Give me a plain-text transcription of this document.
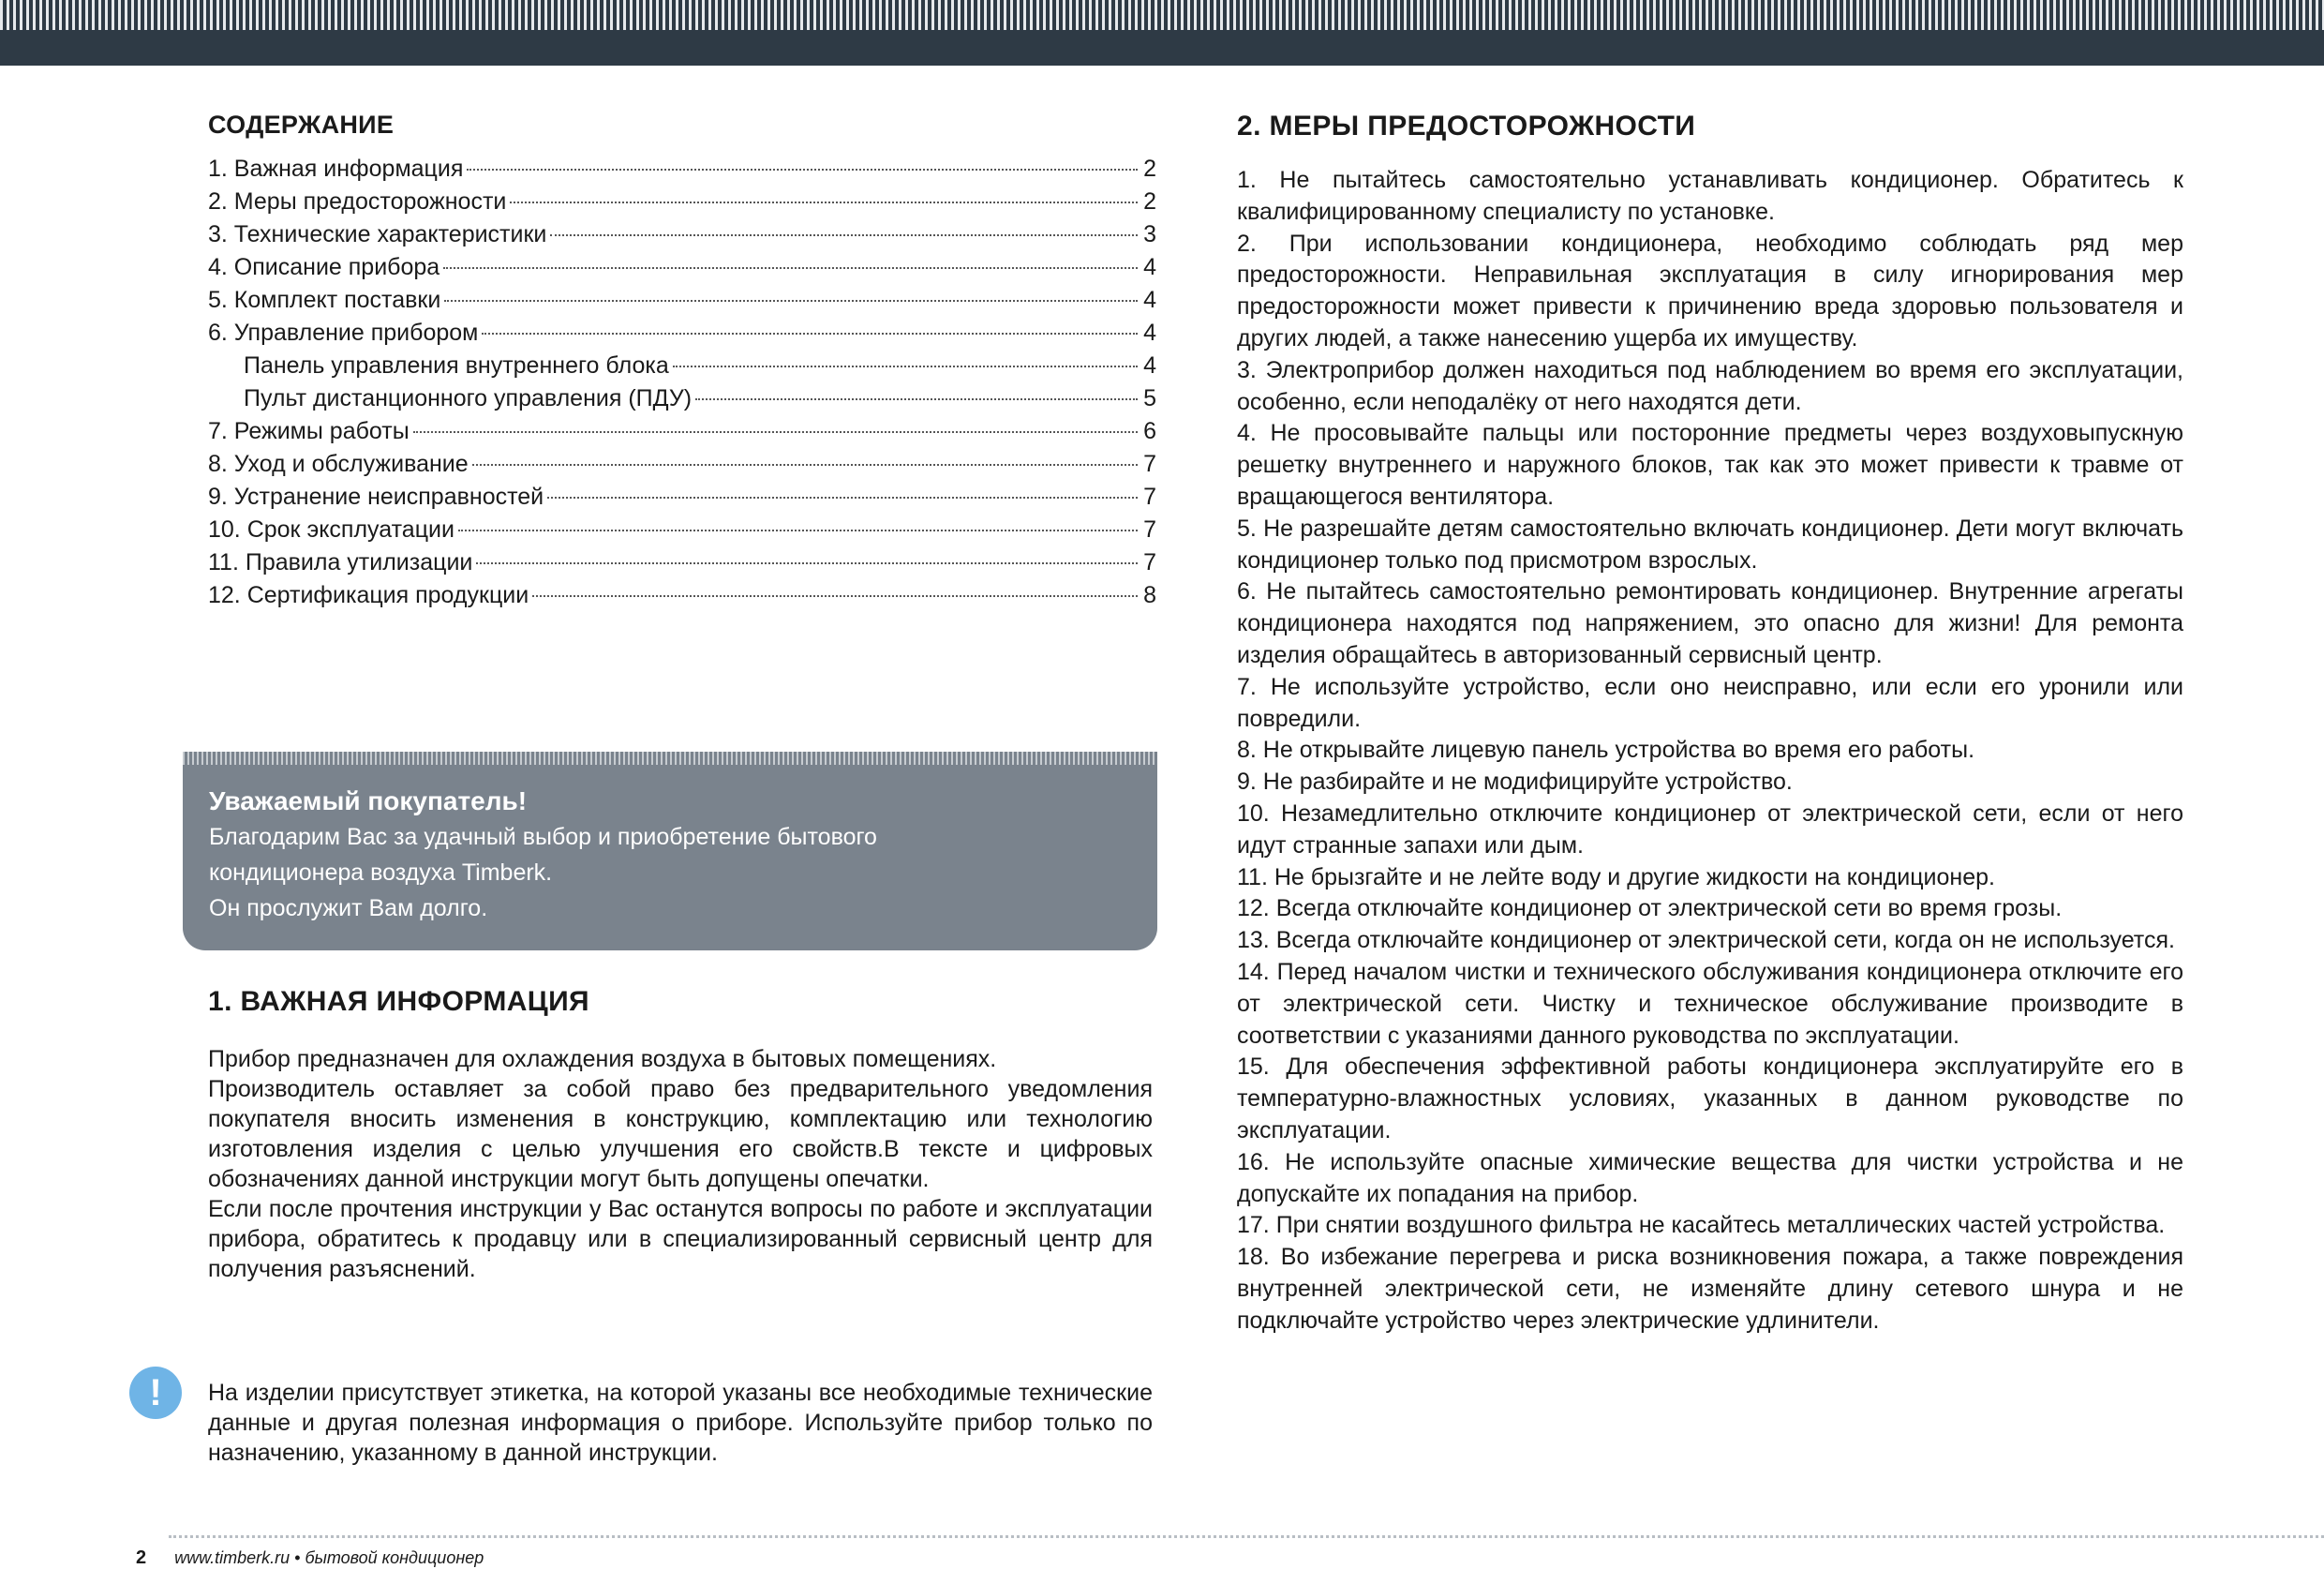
СОДЕРЖАНИЕ
1. Важная информация	2
2. Меры предосторожности	2
3. Технические характеристики	3
4. Описание прибора	4
5. Комплект поставки	4
6. Управление прибором	4
Панель управления внутреннего блока	4
Пульт дистанционного управления (ПДУ)	5
7. Режимы работы	6
8. Уход и обслуживание	7
9. Устранение неисправностей	7
10. Срок эксплуатации	7
11. Правила утилизации	7
12. Сертификация продукции	8
Уважаемый покупатель!
Благодарим Вас за удачный выбор и приобретение бытового
кондиционера воздуха Timberk.
Он прослужит Вам долго.
1. ВАЖНАЯ ИНФОРМАЦИЯ

Прибор предназначен для охлаждения воздуха в бытовых помещениях.

Производитель оставляет за собой право без предварительного уведомления покупателя вносить изменения в конструкцию, комплектацию или технологию изготовления изделия с целью улучшения его свойств.В тексте и цифровых обозначениях данной инструкции могут быть допущены опечатки.

Если после прочтения инструкции у Вас останутся вопросы по работе и эксплуатации прибора, обратитесь к продавцу или в специализированный сервисный центр для получения разъяснений.

!	На изделии присутствует этикетка, на которой указаны все необходимые технические данные и другая полезная информация о приборе. Используйте прибор только по назначению, указанному в данной инструкции.

2. МЕРЫ ПРЕДОСТОРОЖНОСТИ

1. Не пытайтесь самостоятельно устанавливать кондиционер. Обратитесь к квалифицированному специалисту по установке.

2. При использовании кондиционера, необходимо соблюдать ряд мер предосторожности. Неправильная эксплуатация в силу игнорирования мер предосторожности может привести к причинению вреда здоровью пользователя и других людей, а также нанесению ущерба их имуществу.

3. Электроприбор должен находиться под наблюдением во время его эксплуатации, особенно, если неподалёку от него находятся дети.

4. Не просовывайте пальцы или посторонние предметы через воздуховыпускную решетку внутреннего и наружного блоков, так как это может привести к травме от вращающегося вентилятора.

5. Не разрешайте детям самостоятельно включать кондиционер. Дети могут включать кондиционер только под присмотром взрослых.

6. Не пытайтесь самостоятельно ремонтировать кондиционер. Внутренние агрегаты кондиционера находятся под напряжением, это опасно для жизни! Для ремонта изделия обращайтесь в авторизованный сервисный центр.

7. Не используйте устройство, если оно неисправно, или если его уронили или повредили.

8. Не открывайте лицевую панель устройства во время его работы.

9. Не разбирайте и не модифицируйте устройство.

10. Незамедлительно отключите кондиционер от электрической сети, если от него идут странные запахи или дым.

11. Не брызгайте и не лейте воду и другие жидкости на кондиционер.

12. Всегда отключайте кондиционер от электрической сети во время грозы.

13. Всегда отключайте кондиционер от электрической сети, когда он не используется.

14. Перед началом чистки и технического обслуживания кондиционера отключите его от электрической сети. Чистку и техническое обслуживание производите в соответствии с указаниями данного руководства по эксплуатации.

15. Для обеспечения эффективной работы кондиционера эксплуатируйте его в температурно-влажностных условиях, указанных в данном руководстве по эксплуатации.

16. Не используйте опасные химические вещества для чистки устройства и не допускайте их попадания на прибор.

17. При снятии воздушного фильтра не касайтесь металлических частей устройства.

18. Во избежание перегрева и риска возникновения пожара, а также повреждения внутренней электрической сети, не изменяйте длину сетевого шнура и не подключайте устройство через электрические удлинители.

2 www.timberk.ru • бытовой кондиционер
